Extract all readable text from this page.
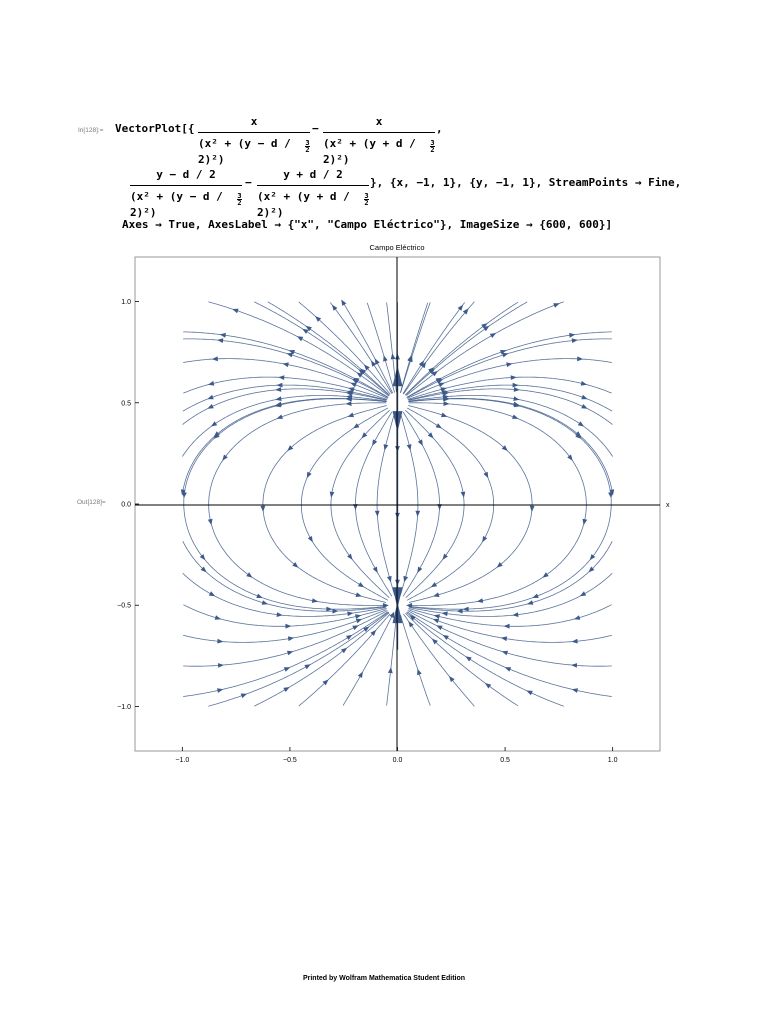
In[128]:= VectorPlot[{
x
(x² + (y − d / 2)²)
3
2
−
x
(x² + (y + d / 2)²)
3
2
,
y − d / 2
(x² + (y − d / 2)²)
3
2
−
y + d / 2
(x² + (y + d / 2)²)
3
2
}, {x, −1, 1}, {y, −1, 1}, StreamPoints → Fine,
Axes → True, AxesLabel → {"x", "Campo Eléctrico"}, ImageSize → {600, 600}]
Out[128]=
−1.0	−0.5	0.0	0.5	1.0
−1.0
−0.5
0.0
0.5
1.0
Campo Eléctrico
x
Printed by Wolfram Mathematica Student Edition
